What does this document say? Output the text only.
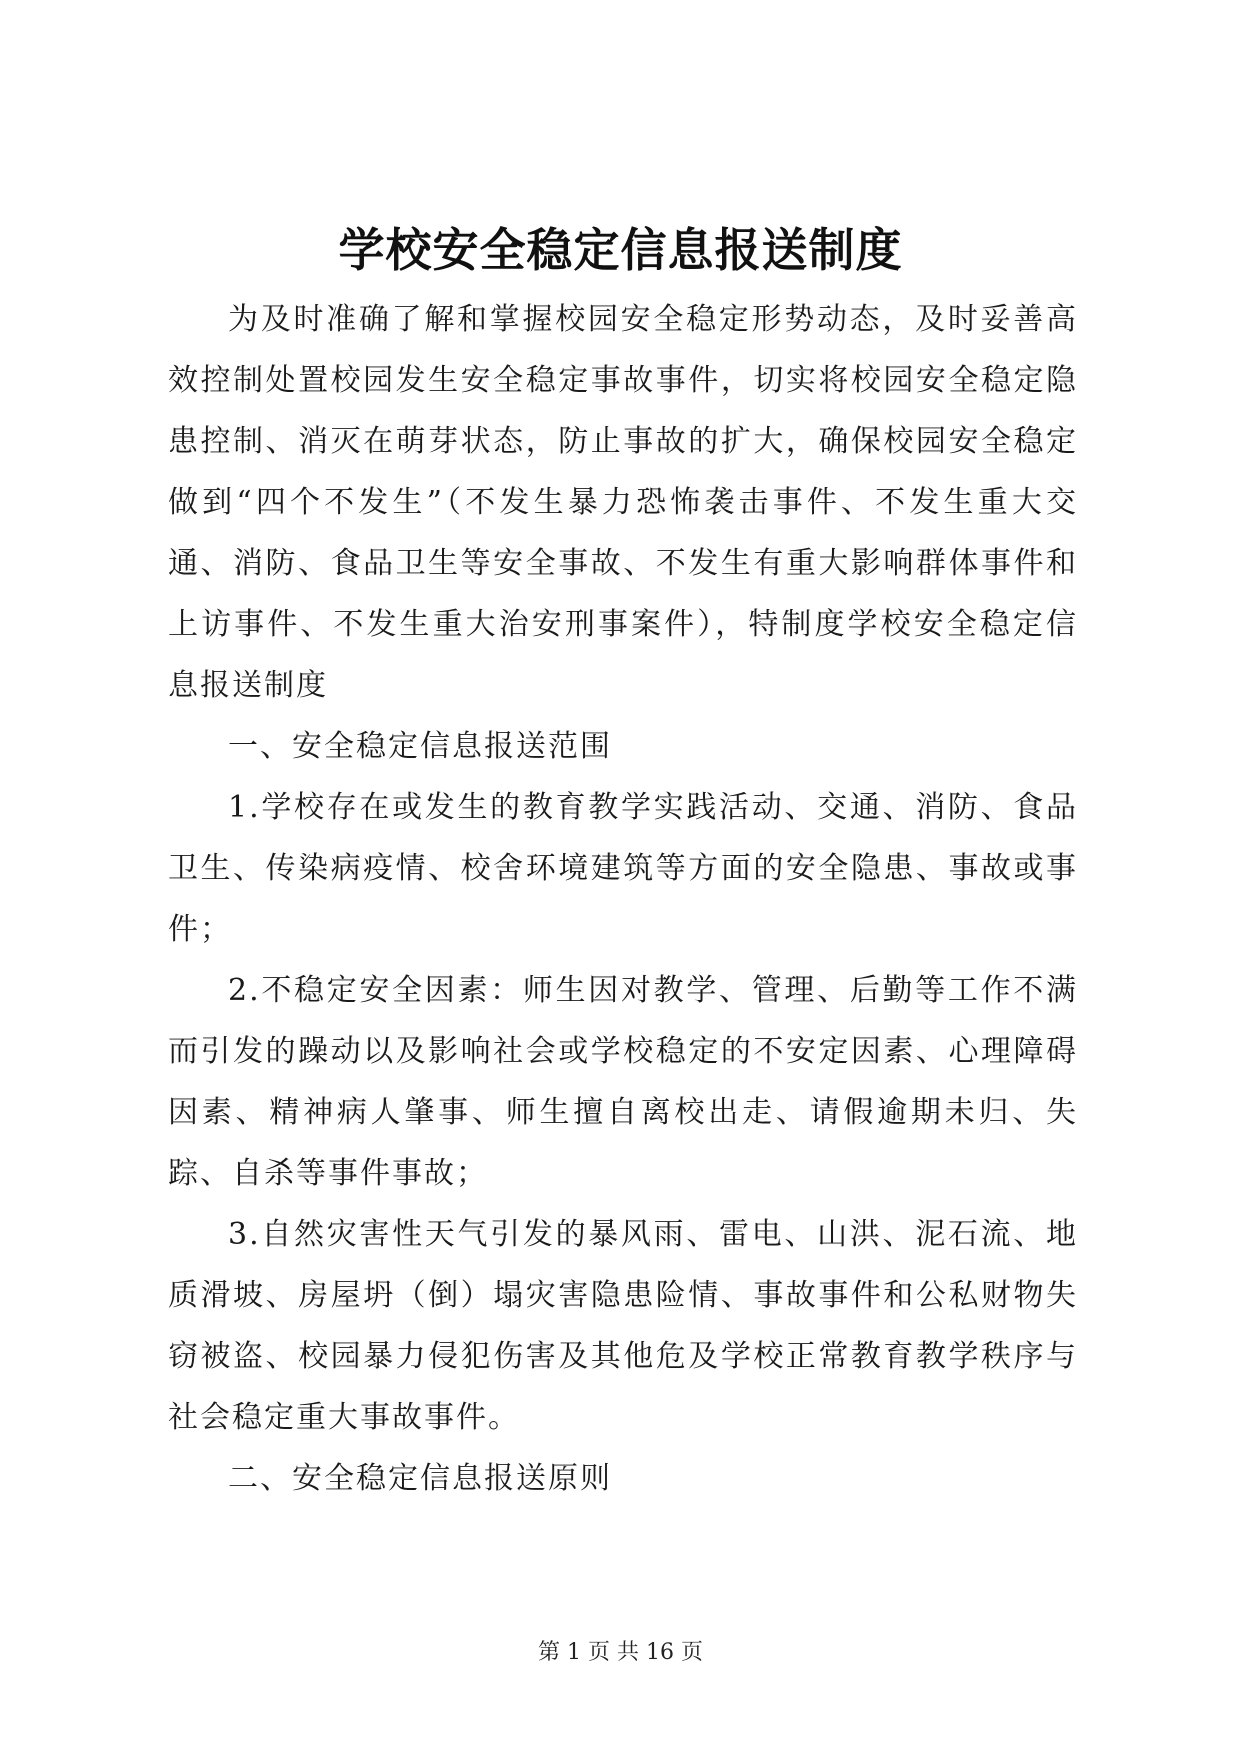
学校安全稳定信息报送制度

为及时准确了解和掌握校园安全稳定形势动态，及时妥善高效控制处置校园发生安全稳定事故事件，切实将校园安全稳定隐患控制、消灭在萌芽状态，防止事故的扩大，确保校园安全稳定做到“四个不发生”（不发生暴力恐怖袭击事件、不发生重大交通、消防、食品卫生等安全事故、不发生有重大影响群体事件和上访事件、不发生重大治安刑事案件），特制度学校安全稳定信息报送制度

一、安全稳定信息报送范围

1.学校存在或发生的教育教学实践活动、交通、消防、食品卫生、传染病疫情、校舍环境建筑等方面的安全隐患、事故或事件；

2.不稳定安全因素：师生因对教学、管理、后勤等工作不满而引发的躁动以及影响社会或学校稳定的不安定因素、心理障碍因素、精神病人肇事、师生擅自离校出走、请假逾期未归、失踪、自杀等事件事故；

3.自然灾害性天气引发的暴风雨、雷电、山洪、泥石流、地质滑坡、房屋坍（倒）塌灾害隐患险情、事故事件和公私财物失窃被盗、校园暴力侵犯伤害及其他危及学校正常教育教学秩序与社会稳定重大事故事件。

二、安全稳定信息报送原则

第 1 页 共 16 页
